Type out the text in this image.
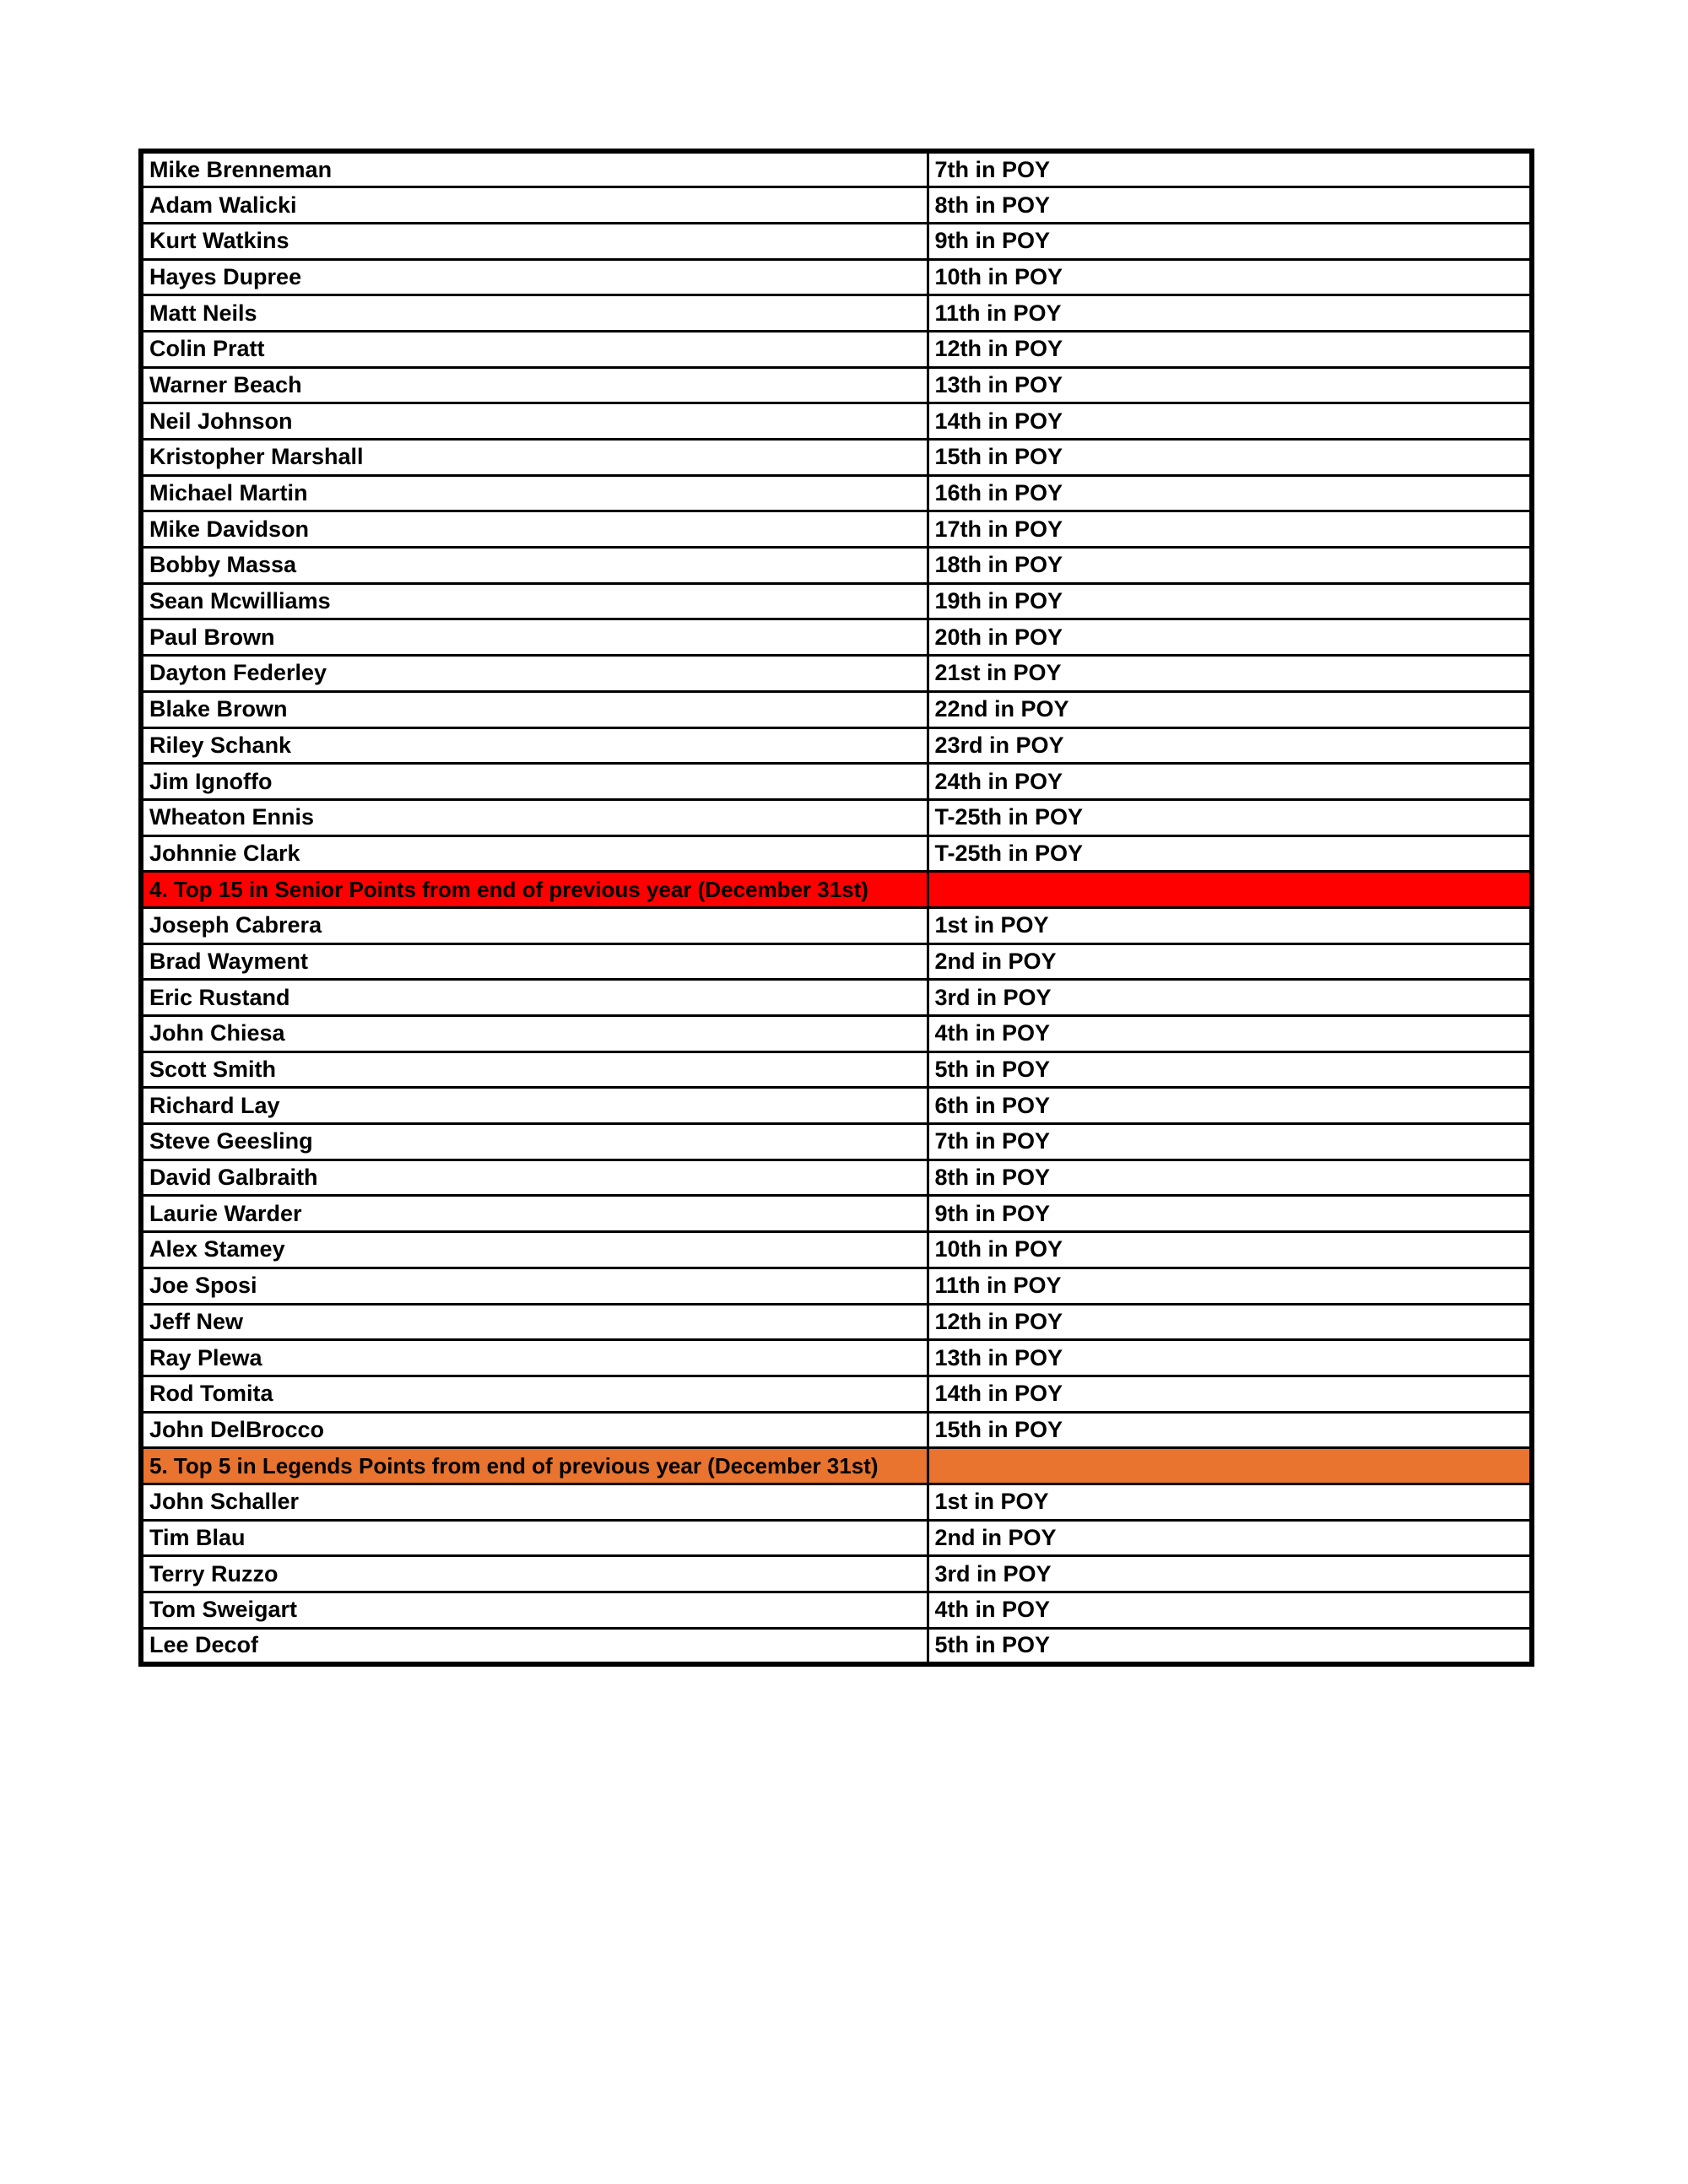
Mike Brenneman	7th in POY
Adam Walicki	8th in POY
Kurt Watkins	9th in POY
Hayes Dupree	10th in POY
Matt Neils	11th in POY
Colin Pratt	12th in POY
Warner Beach	13th in POY
Neil Johnson	14th in POY
Kristopher Marshall	15th in POY
Michael Martin	16th in POY
Mike Davidson	17th in POY
Bobby Massa	18th in POY
Sean Mcwilliams	19th in POY
Paul Brown	20th in POY
Dayton Federley	21st in POY
Blake Brown	22nd in POY
Riley Schank	23rd in POY
Jim Ignoffo	24th in POY
Wheaton Ennis	T-25th in POY
Johnnie Clark	T-25th in POY
4. Top 15 in Senior Points from end of previous year (December 31st)	
Joseph Cabrera	1st in POY
Brad Wayment	2nd in POY
Eric Rustand	3rd in POY
John Chiesa	4th in POY
Scott Smith	5th in POY
Richard Lay	6th in POY
Steve Geesling	7th in POY
David Galbraith	8th in POY
Laurie Warder	9th in POY
Alex Stamey	10th in POY
Joe Sposi	11th in POY
Jeff New	12th in POY
Ray Plewa	13th in POY
Rod Tomita	14th in POY
John DelBrocco	15th in POY
5. Top 5 in Legends Points from end of previous year (December 31st)	
John Schaller	1st in POY
Tim Blau	2nd in POY
Terry Ruzzo	3rd in POY
Tom Sweigart	4th in POY
Lee Decof	5th in POY
